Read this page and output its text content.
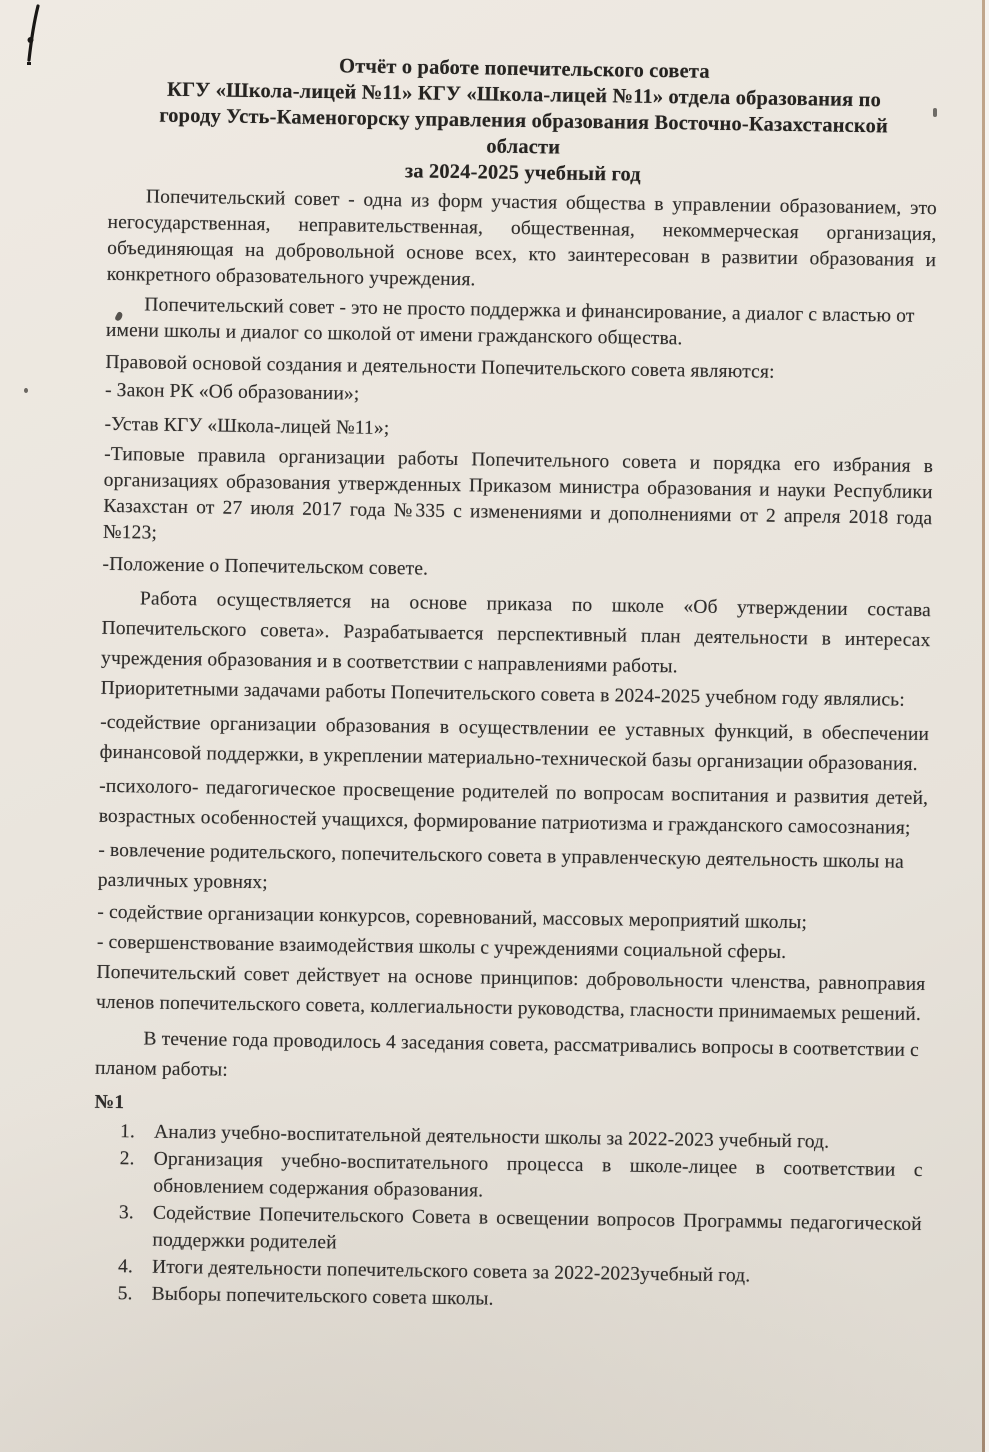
Отчёт о работе попечительского совета
КГУ «Школа-лицей №11» КГУ «Школа-лицей №11» отдела образования по
городу Усть-Каменогорску управления образования Восточно-Казахстанской
области
за 2024-2025 учебный год

Попечительский совет - одна из форм участия общества в управлении образованием, это негосударственная, неправительственная, общественная, некоммерческая организация, объединяющая на добровольной основе всех, кто заинтересован в развитии образования и конкретного образовательного учреждения.

Попечительский совет - это не просто поддержка и финансирование, а диалог с властью от имени школы и диалог со школой от имени гражданского общества.

Правовой основой создания и деятельности Попечительского совета являются:

- Закон РК «Об образовании»;

-Устав КГУ «Школа-лицей №11»;

-Типовые правила организации работы Попечительного совета и порядка его избрания в организациях образования утвержденных Приказом министра образования и науки Республики Казахстан от 27 июля 2017 года №335 с изменениями и дополнениями от 2 апреля 2018 года №123;

-Положение о Попечительском совете.

Работа осуществляется на основе приказа по школе «Об утверждении состава Попечительского совета». Разрабатывается перспективный план деятельности в интересах учреждения образования и в соответствии с направлениями работы.

Приоритетными задачами работы Попечительского совета в 2024-2025 учебном году являлись:

-содействие организации образования в осуществлении ее уставных функций, в обеспечении финансовой поддержки, в укреплении материально-технической базы организации образования.

-психолого- педагогическое просвещение родителей по вопросам воспитания и развития детей, возрастных особенностей учащихся, формирование патриотизма и гражданского самосознания;

- вовлечение родительского, попечительского совета в управленческую деятельность школы на различных уровнях;

- содействие организации конкурсов, соревнований, массовых мероприятий школы;

- совершенствование взаимодействия школы с учреждениями социальной сферы.

Попечительский совет действует на основе принципов: добровольности членства, равноправия членов попечительского совета, коллегиальности руководства, гласности принимаемых решений.

В течение года проводилось 4 заседания совета, рассматривались вопросы в соответствии с планом работы:

№1
1. Анализ учебно-воспитательной деятельности школы за 2022-2023 учебный год.
2. Организация учебно-воспитательного процесса в школе-лицее в соответствии с обновлением содержания образования.
3. Содействие Попечительского Совета в освещении вопросов Программы педагогической поддержки родителей
4. Итоги деятельности попечительского совета за 2022-2023учебный год.
5. Выборы попечительского совета школы.
